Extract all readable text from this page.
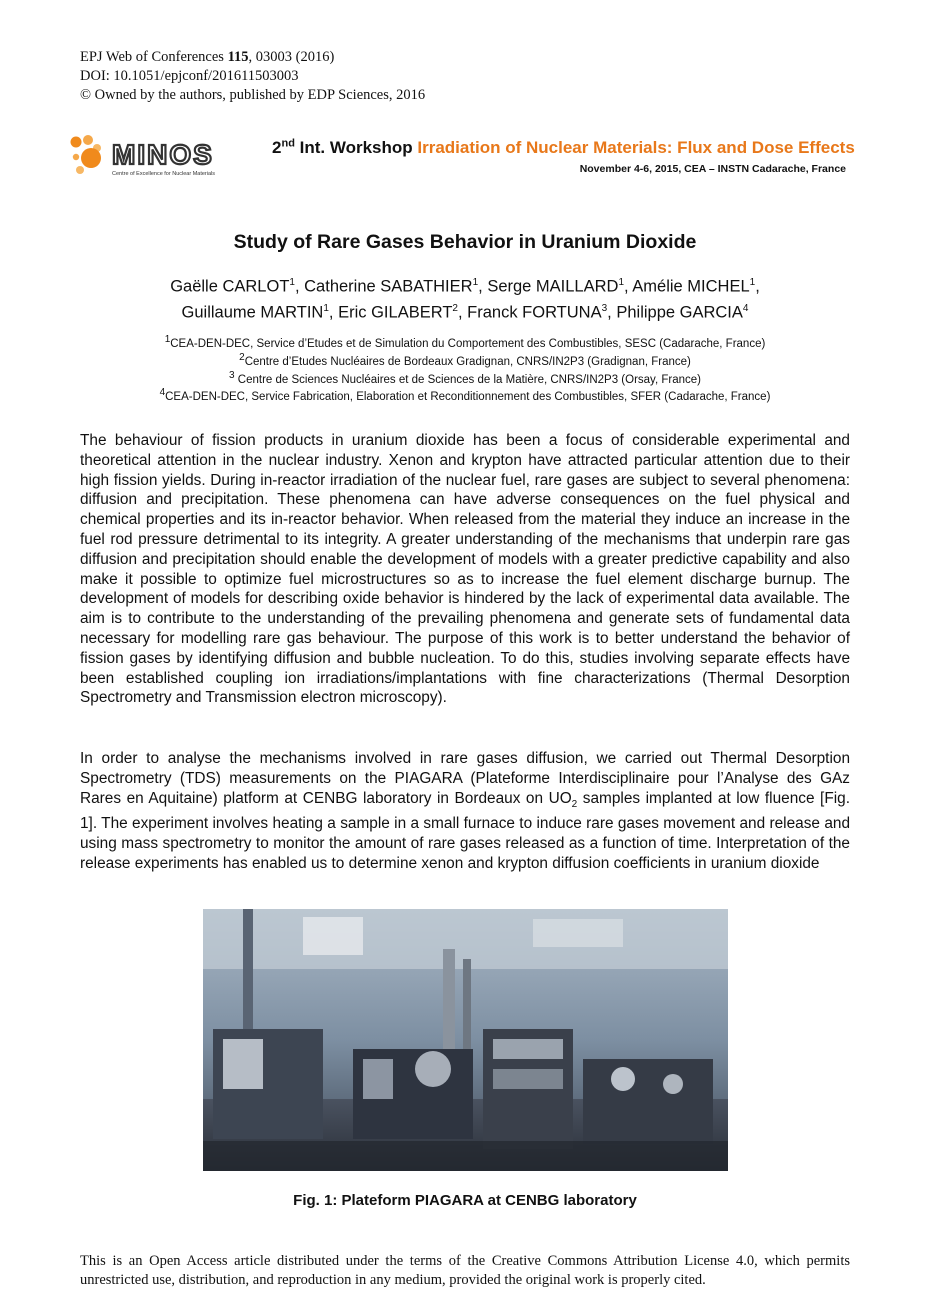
EPJ Web of Conferences 115, 03003 (2016)
DOI: 10.1051/epjconf/201611503003
© Owned by the authors, published by EDP Sciences, 2016
MINOS
Centre of Excellence for Nuclear Materials
2nd Int. Workshop Irradiation of Nuclear Materials: Flux and Dose Effects
November 4-6, 2015, CEA – INSTN Cadarache, France
Study of Rare Gases Behavior in Uranium Dioxide
Gaëlle CARLOT$^1$, Catherine SABATHIER$^1$, Serge MAILLARD$^1$, Amélie MICHEL$^1$,
Guillaume MARTIN$^1$, Eric GILABERT$^2$, Franck FORTUNA$^3$, Philippe GARCIA$^4$
$^1$CEA-DEN-DEC, Service d’Etudes et de Simulation du Comportement des Combustibles, SESC (Cadarache, France)
$^2$Centre d’Etudes Nucléaires de Bordeaux Gradignan, CNRS/IN2P3 (Gradignan, France)
$^3$ Centre de Sciences Nucléaires et de Sciences de la Matière, CNRS/IN2P3 (Orsay, France)
$^4$CEA-DEN-DEC, Service Fabrication, Elaboration et Reconditionnement des Combustibles, SFER (Cadarache, France)
The behaviour of fission products in uranium dioxide has been a focus of considerable experimental and theoretical attention in the nuclear industry. Xenon and krypton have attracted particular attention due to their high fission yields. During in-reactor irradiation of the nuclear fuel, rare gases are subject to several phenomena: diffusion and precipitation. These phenomena can have adverse consequences on the fuel physical and chemical properties and its in-reactor behavior. When released from the material they induce an increase in the fuel rod pressure detrimental to its integrity. A greater understanding of the mechanisms that underpin rare gas diffusion and precipitation should enable the development of models with a greater predictive capability and also make it possible to optimize fuel microstructures so as to increase the fuel element discharge burnup. The development of models for describing oxide behavior is hindered by the lack of experimental data available. The aim is to contribute to the understanding of the prevailing phenomena and generate sets of fundamental data necessary for modelling rare gas behaviour. The purpose of this work is to better understand the behavior of fission gases by identifying diffusion and bubble nucleation. To do this, studies involving separate effects have been established coupling ion irradiations/implantations with fine characterizations (Thermal Desorption Spectrometry and Transmission electron microscopy).
In order to analyse the mechanisms involved in rare gases diffusion, we carried out Thermal Desorption Spectrometry (TDS) measurements on the PIAGARA (Plateforme Interdisciplinaire pour l’Analyse des GAz Rares en Aquitaine) platform at CENBG laboratory in Bordeaux on $UO_2$ samples implanted at low fluence [Fig. 1]. The experiment involves heating a sample in a small furnace to induce rare gases movement and release and using mass spectrometry to monitor the amount of rare gases released as a function of time. Interpretation of the release experiments has enabled us to determine xenon and krypton diffusion coefficients in uranium dioxide
Fig. 1: Plateform PIAGARA at CENBG laboratory
This is an Open Access article distributed under the terms of the Creative Commons Attribution License 4.0, which permits unrestricted use, distribution, and reproduction in any medium, provided the original work is properly cited.
